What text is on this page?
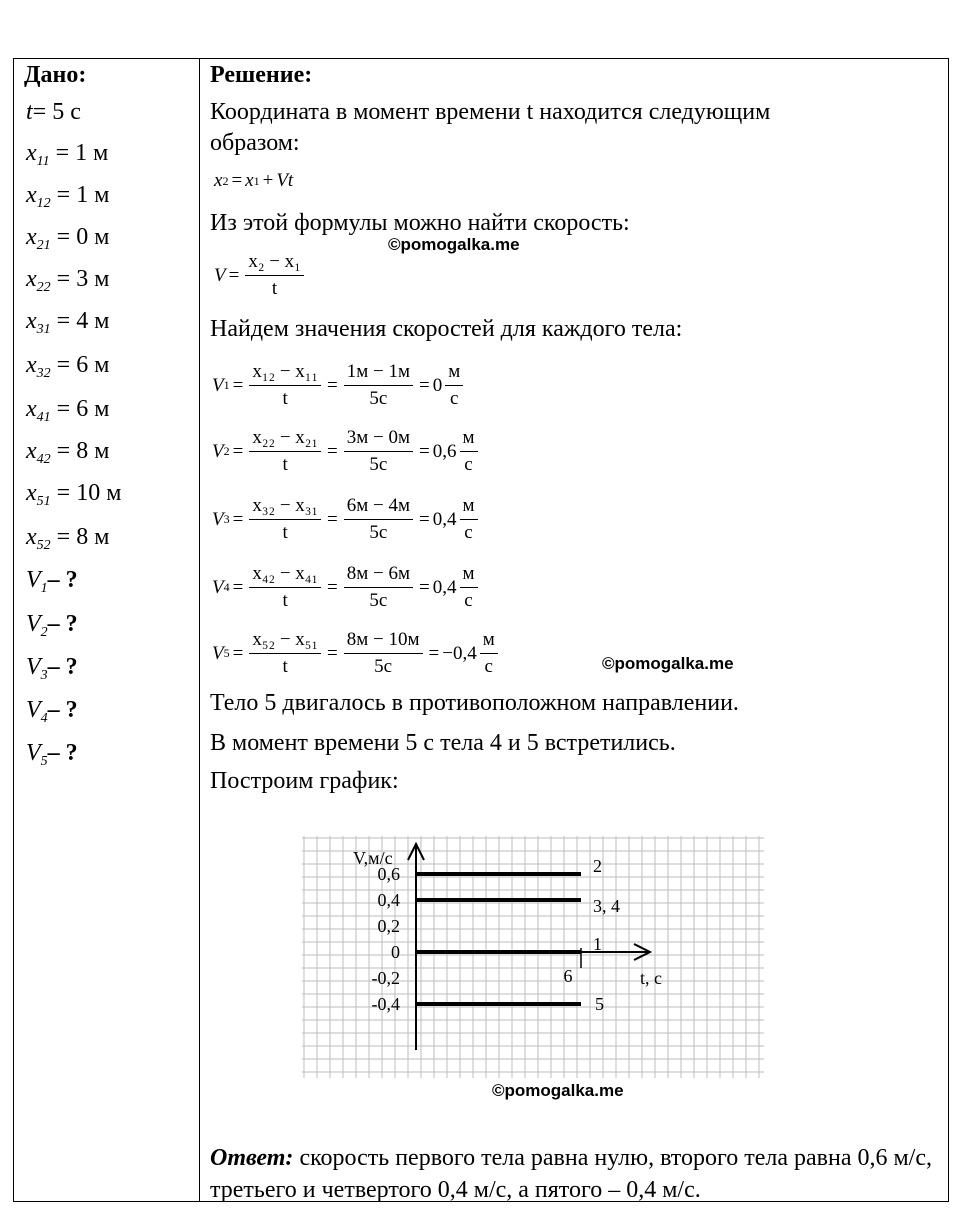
Дано:
t= 5 с
$x_{11} = 1$ м
$x_{12} = 1$ м
$x_{21} = 0$ м
$x_{22} = 3$ м
$x_{31} = 4$ м
$x_{32} = 6$ м
$x_{41} = 6$ м
$x_{42} = 8$ м
$x_{51} = 10$ м
$x_{52} = 8$ м
$V_1-$ ?
$V_2-$ ?
$V_3-$ ?
$V_4-$ ?
$V_5-$ ?
Решение:
Координата в момент времени t находится следующим
образом:
x 2 = x 1 + Vt
Из этой формулы можно найти скорость:
$V = \frac{\text{x₂ − x₁}}{t}$
Найдем значения скоростей для каждого тела:
V $1 = \frac{\text{x₁₂ − x₁₁}}{t} = \frac{1м - 1м}{5с} = 0 \frac{м}{с}$
V $2 = \frac{\text{x₂₂ − x₂₁}}{t} = \frac{3м - 0м}{5с} = 0,6 \frac{м}{с}$
V $3 = \frac{\text{x₃₂ − x₃₁}}{t} = \frac{6м - 4м}{5с} = 0,4 \frac{м}{с}$
V $4 = \frac{\text{x₄₂ − x₄₁}}{t} = \frac{8м - 6м}{5с} = 0,4 \frac{м}{с}$
V $5 = \frac{\text{x₅₂ − x₅₁}}{t} = \frac{8м - 10м}{5с} = -0,4 \frac{м}{с}$
Тело 5 двигалось в противоположном направлении.
В момент времени 5 с тела 4 и 5 встретились.
Построим график:
©pomogalka.me
©pomogalka.me
©pomogalka.me
0,6
0,4
0,2
0
-0,2
-0,4
6
V,м/с
t, с
2
3, 4
1
5
Ответ: скорость первого тела равна нулю, второго тела равна 0,6 м/с, третьего и четвертого 0,4 м/с, а пятого – 0,4 м/с.
